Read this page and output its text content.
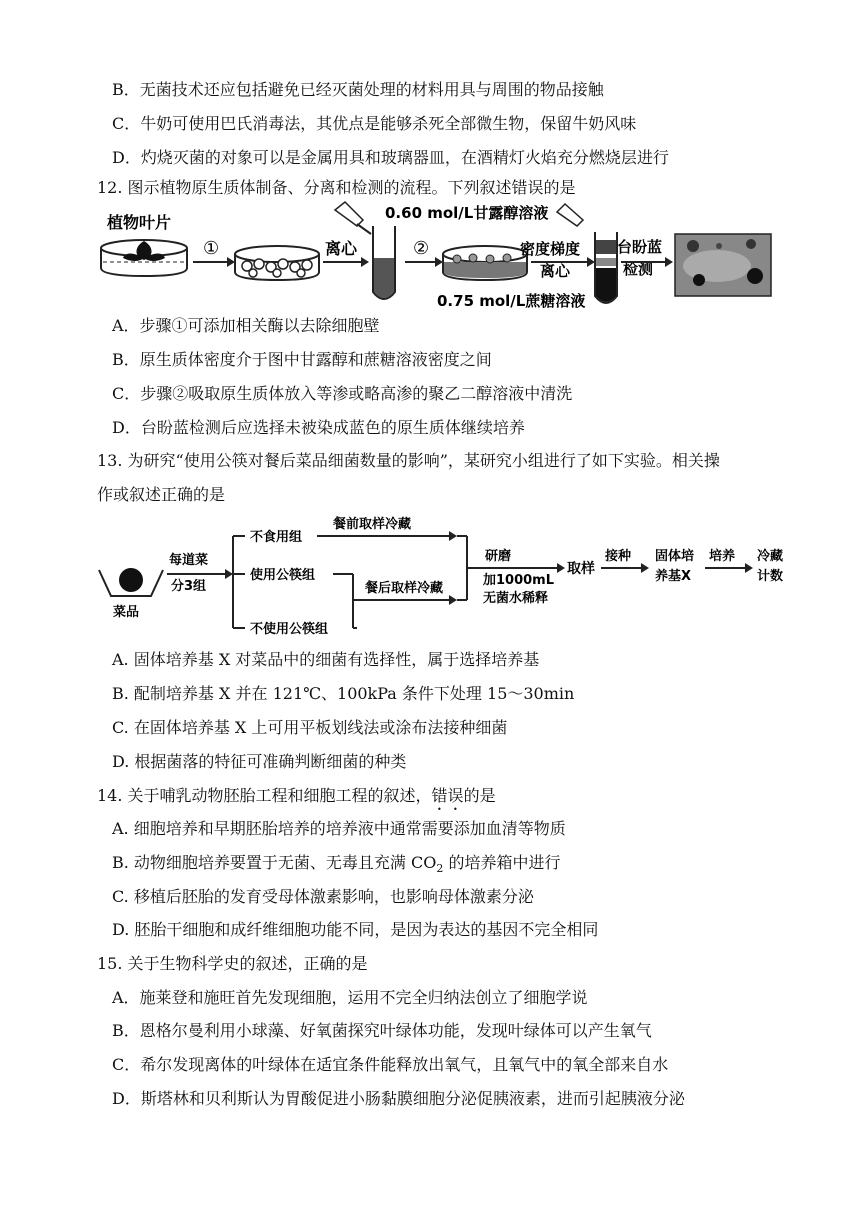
B．无菌技术还应包括避免已经灭菌处理的材料用具与周围的物品接触
C．牛奶可使用巴氏消毒法，其优点是能够杀死全部微生物，保留牛奶风味
D．灼烧灭菌的对象可以是金属用具和玻璃器皿，在酒精灯火焰充分燃烧层进行
12. 图示植物原生质体制备、分离和检测的流程。下列叙述错误的是
植物叶片
①	离心	②
0.60 mol/L甘露醇溶液
密度梯度
离心
0.75 mol/L蔗糖溶液
台盼蓝
检测
A．步骤①可添加相关酶以去除细胞壁
B．原生质体密度介于图中甘露醇和蔗糖溶液密度之间
C．步骤②吸取原生质体放入等渗或略高渗的聚乙二醇溶液中清洗
D．台盼蓝检测后应选择未被染成蓝色的原生质体继续培养
13. 为研究“使用公筷对餐后菜品细菌数量的影响”，某研究小组进行了如下实验。相关操
作或叙述正确的是
菜品
每道菜
分3组
不食用组
使用公筷组
不使用公筷组
餐前取样冷藏
餐后取样冷藏
研磨
加1000mL
无菌水稀释
取样
接种 固体培
养基X
培养 冷藏
计数
A. 固体培养基 X 对菜品中的细菌有选择性，属于选择培养基
B. 配制培养基 X 并在 121℃、100kPa 条件下处理 15～30min
C. 在固体培养基 X 上可用平板划线法或涂布法接种细菌
D. 根据菌落的特征可准确判断细菌的种类
14. 关于哺乳动物胚胎工程和细胞工程的叙述，错误的是
A. 细胞培养和早期胚胎培养的培养液中通常需要添加血清等物质
B. 动物细胞培养要置于无菌、无毒且充满 $CO_2$ 的培养箱中进行
C. 移植后胚胎的发育受母体激素影响，也影响母体激素分泌
D. 胚胎干细胞和成纤维细胞功能不同，是因为表达的基因不完全相同
15. 关于生物科学史的叙述，正确的是
A．施莱登和施旺首先发现细胞，运用不完全归纳法创立了细胞学说
B．恩格尔曼利用小球藻、好氧菌探究叶绿体功能，发现叶绿体可以产生氧气
C．希尔发现离体的叶绿体在适宜条件能释放出氧气，且氧气中的氧全部来自水
D．斯塔林和贝利斯认为胃酸促进小肠黏膜细胞分泌促胰液素，进而引起胰液分泌
